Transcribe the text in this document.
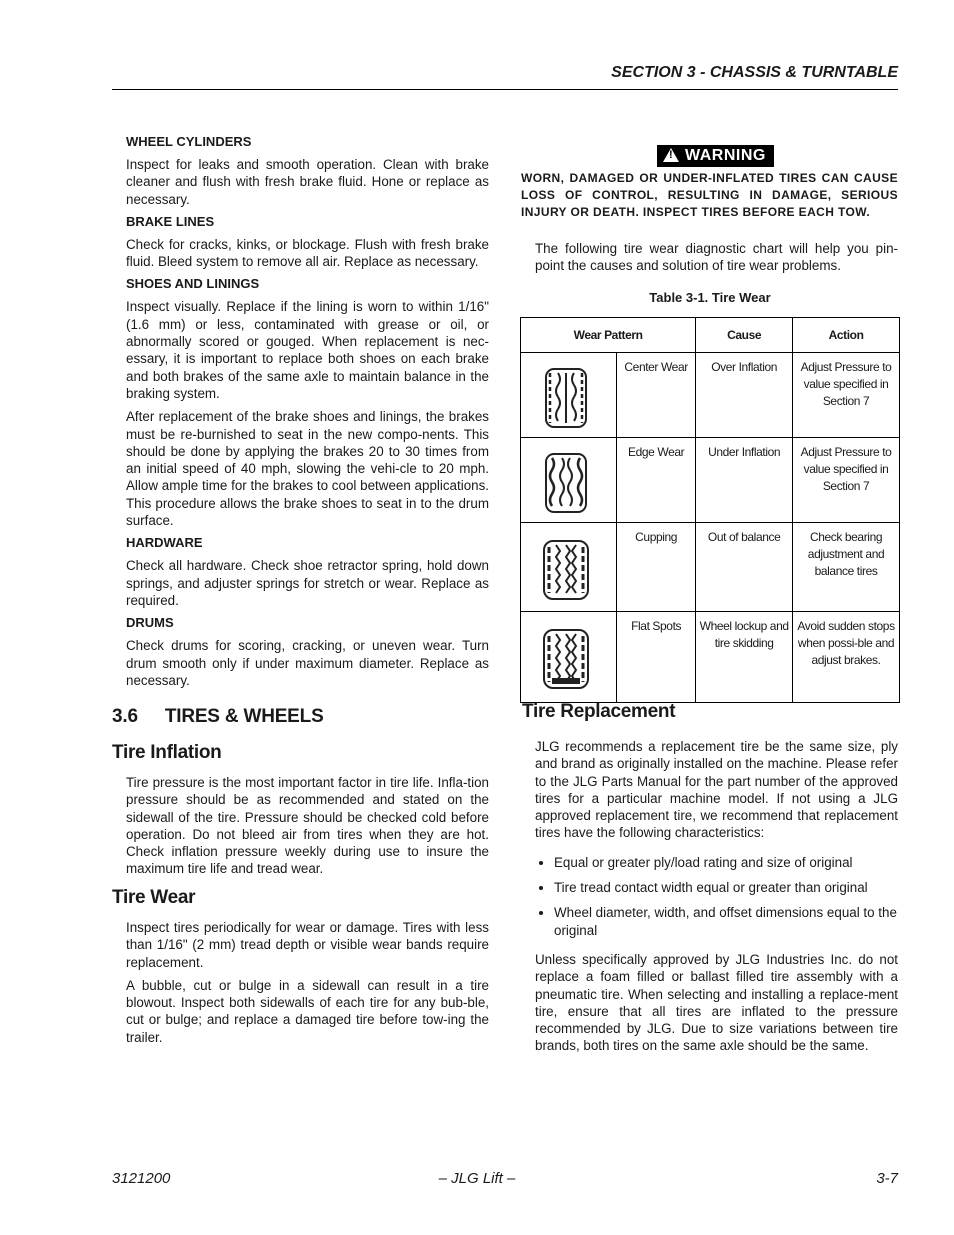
SECTION 3 - CHASSIS & TURNTABLE
WHEEL CYLINDERS

Inspect for leaks and smooth operation. Clean with brake cleaner and flush with fresh brake fluid. Hone or replace as necessary.

BRAKE LINES

Check for cracks, kinks, or blockage. Flush with fresh brake fluid. Bleed system to remove all air. Replace as necessary.

SHOES AND LININGS

Inspect visually. Replace if the lining is worn to within 1/16" (1.6 mm) or less, contaminated with grease or oil, or abnormally scored or gouged. When replacement is nec-essary, it is important to replace both shoes on each brake and both brakes of the same axle to maintain balance in the braking system.

After replacement of the brake shoes and linings, the brakes must be re-burnished to seat in the new compo-nents. This should be done by applying the brakes 20 to 30 times from an initial speed of 40 mph, slowing the vehi-cle to 20 mph. Allow ample time for the brakes to cool between applications. This procedure allows the brake shoes to seat in to the drum surface.

HARDWARE

Check all hardware. Check shoe retractor spring, hold down springs, and adjuster springs for stretch or wear. Replace as required.

DRUMS

Check drums for scoring, cracking, or uneven wear. Turn drum smooth only if under maximum diameter. Replace as necessary.

3.6 TIRES & WHEELS
Tire Inflation

Tire pressure is the most important factor in tire life. Infla-tion pressure should be as recommended and stated on the sidewall of the tire. Pressure should be checked cold before operation. Do not bleed air from tires when they are hot. Check inflation pressure weekly during use to insure the maximum tire life and tread wear.

Tire Wear

Inspect tires periodically for wear or damage. Tires with less than 1/16" (2 mm) tread depth or visible wear bands require replacement.

A bubble, cut or bulge in a sidewall can result in a tire blowout. Inspect both sidewalls of each tire for any bub-ble, cut or bulge; and replace a damaged tire before tow-ing the trailer.

!WARNING

WORN, DAMAGED OR UNDER-INFLATED TIRES CAN CAUSE LOSS OF CONTROL, RESULTING IN DAMAGE, SERIOUS INJURY OR DEATH. INSPECT TIRES BEFORE EACH TOW.

The following tire wear diagnostic chart will help you pin-point the causes and solution of tire wear problems.

Table 3-1. Tire Wear
Wear Pattern		Cause	Action
	Center Wear	Over Inflation	Adjust Pressure to value specified in Section 7
	Edge Wear	Under Inflation	Adjust Pressure to value specified in Section 7
	Cupping	Out of balance	Check bearing adjustment and balance tires
	Flat Spots	Wheel lockup and tire skidding	Avoid sudden stops when possi-ble and adjust brakes.
Tire Replacement

JLG recommends a replacement tire be the same size, ply and brand as originally installed on the machine. Please refer to the JLG Parts Manual for the part number of the approved tires for a particular machine model. If not using a JLG approved replacement tire, we recommend that replacement tires have the following characteristics:

• Equal or greater ply/load rating and size of original
• Tire tread contact width equal or greater than original
• Wheel diameter, width, and offset dimensions equal to the original

Unless specifically approved by JLG Industries Inc. do not replace a foam filled or ballast filled tire assembly with a pneumatic tire. When selecting and installing a replace-ment tire, ensure that all tires are inflated to the pressure recommended by JLG. Due to size variations between tire brands, both tires on the same axle should be the same.

3121200	– JLG Lift –	3-7
